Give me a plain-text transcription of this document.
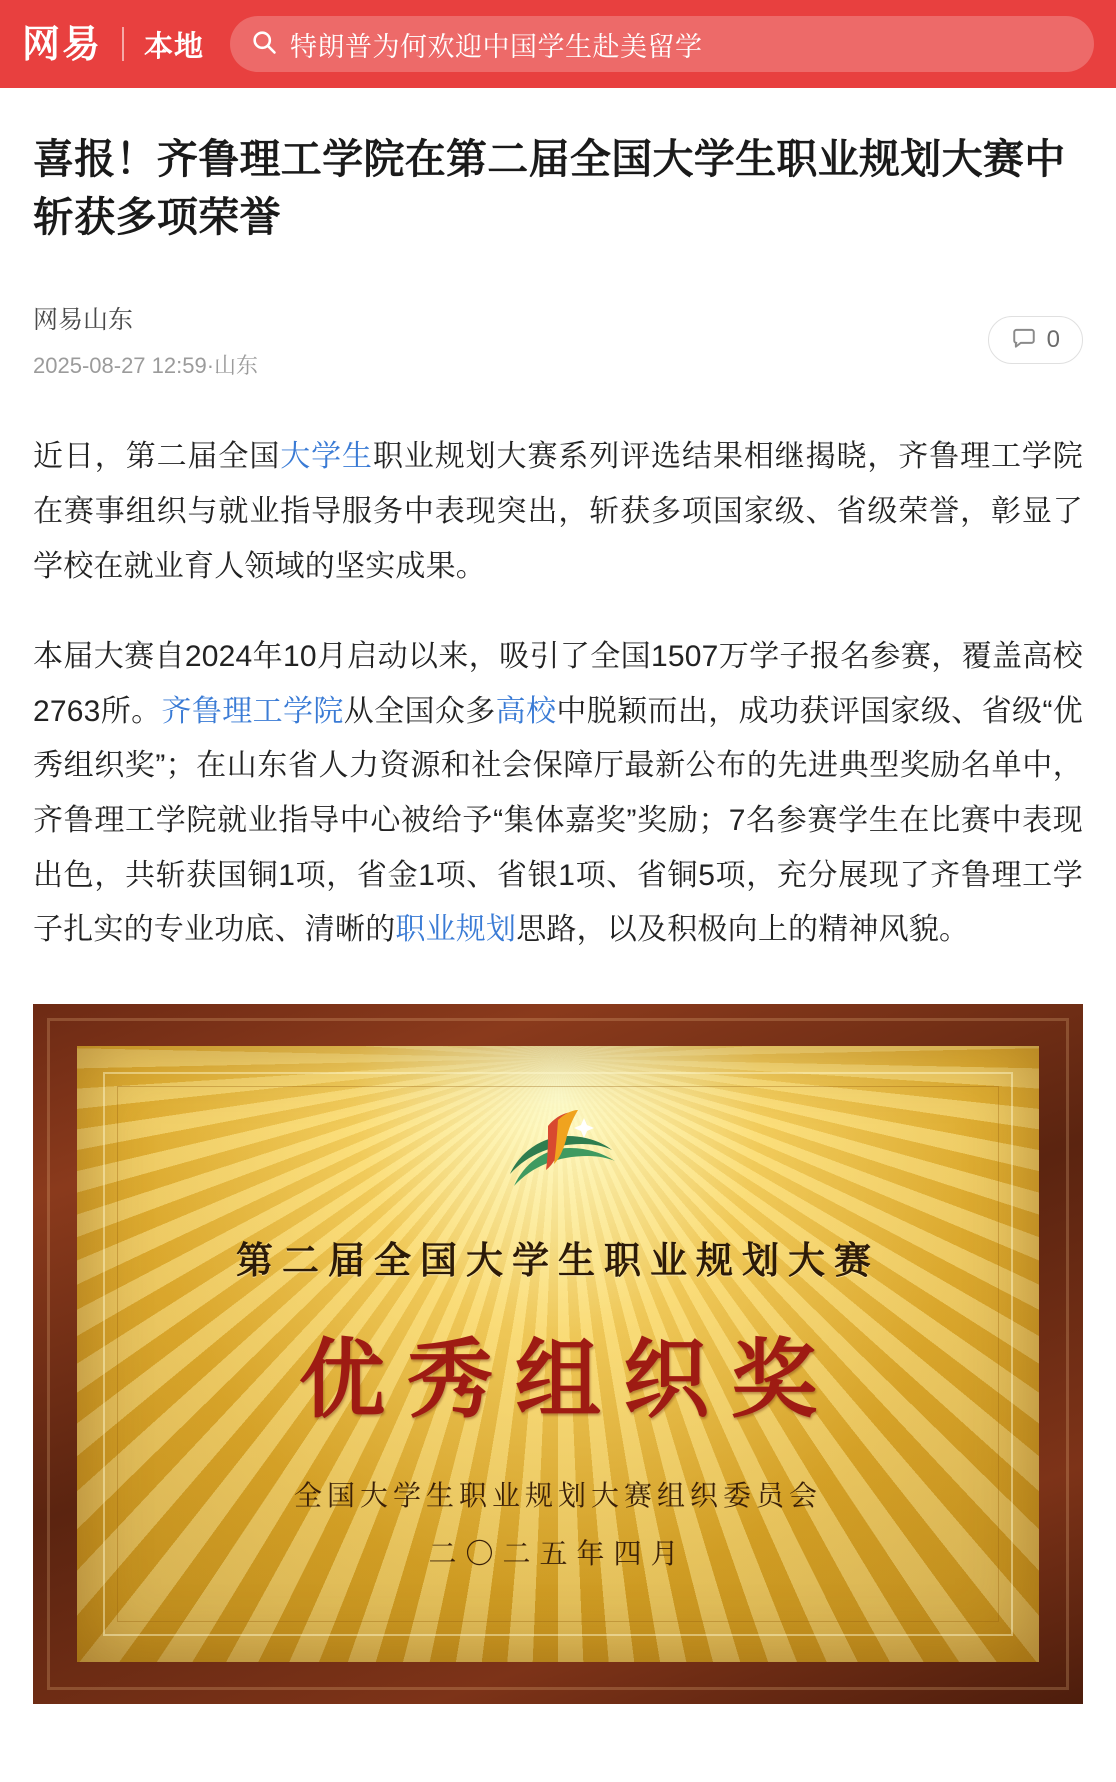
网易 本地	特朗普为何欢迎中国学生赴美留学
喜报！齐鲁理工学院在第二届全国大学生职业规划大赛中斩获多项荣誉
网易山东
2025-08-27 12:59·山东
0

近日，第二届全国大学生职业规划大赛系列评选结果相继揭晓，齐鲁理工学院在赛事组织与就业指导服务中表现突出，斩获多项国家级、省级荣誉，彰显了学校在就业育人领域的坚实成果。

本届大赛自2024年10月启动以来，吸引了全国1507万学子报名参赛，覆盖高校2763所。齐鲁理工学院从全国众多高校中脱颖而出，成功获评国家级、省级“优秀组织奖”；在山东省人力资源和社会保障厅最新公布的先进典型奖励名单中，齐鲁理工学院就业指导中心被给予“集体嘉奖”奖励；7名参赛学生在比赛中表现出色，共斩获国铜1项，省金1项、省银1项、省铜5项，充分展现了齐鲁理工学子扎实的专业功底、清晰的职业规划思路，以及积极向上的精神风貌。

第二届全国大学生职业规划大赛
优秀组织奖
全国大学生职业规划大赛组织委员会
二〇二五年四月
